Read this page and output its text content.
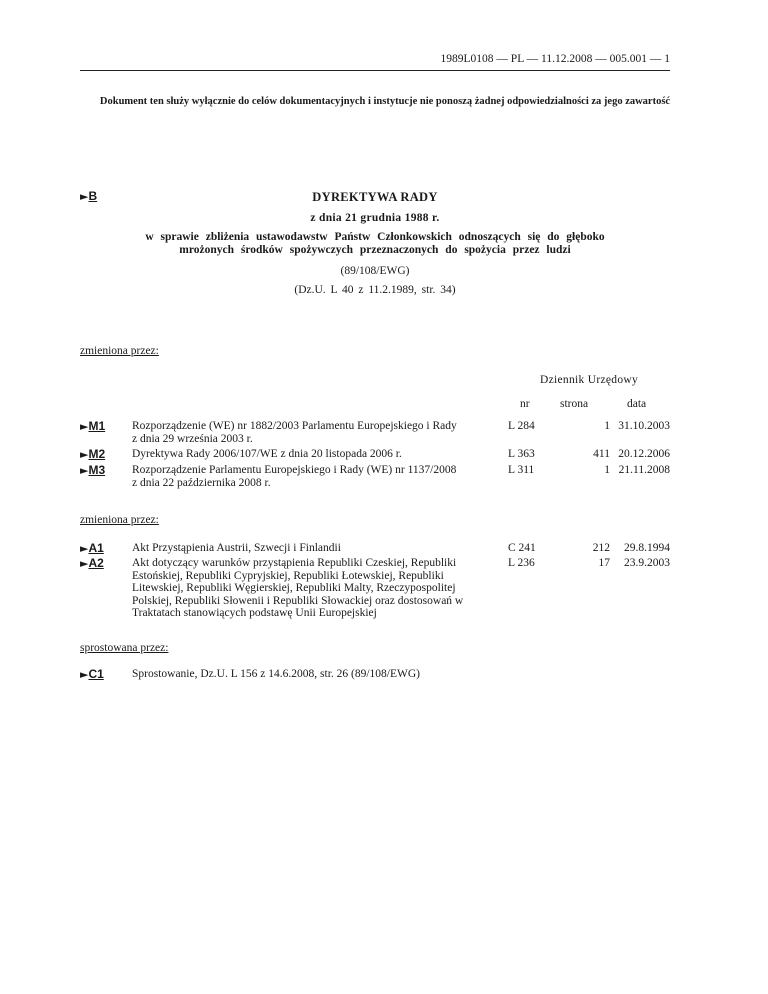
1989L0108 — PL — 11.12.2008 — 005.001 — 1
Dokument ten służy wyłącznie do celów dokumentacyjnych i instytucje nie ponoszą żadnej odpowiedzialności za jego zawartość
►B	DYREKTYWA RADY
z dnia 21 grudnia 1988 r.
w sprawie zbliżenia ustawodawstw Państw Członkowskich odnoszących się do głęboko
mrożonych środków spożywczych przeznaczonych do spożycia przez ludzi
(89/108/EWG)
(Dz.U. L 40 z 11.2.1989, str. 34)
zmieniona przez:
Dziennik Urzędowy
nr	strona	data
►M1 Rozporządzenie (WE) nr 1882/2003 Parlamentu Europejskiego i Rady
z dnia 29 września 2003 r.
L 284	1 31.10.2003
►M2 Dyrektywa Rady 2006/107/WE z dnia 20 listopada 2006 r.	L 363	411 20.12.2006
►M3 Rozporządzenie Parlamentu Europejskiego i Rady (WE) nr 1137/2008
z dnia 22 października 2008 r.
L 311	1 21.11.2008
zmieniona przez:
►A1 Akt Przystąpienia Austrii, Szwecji i Finlandii	C 241	212	29.8.1994
►A2 Akt dotyczący warunków przystąpienia Republiki Czeskiej, Republiki
Estońskiej, Republiki Cypryjskiej, Republiki Łotewskiej, Republiki
Litewskiej, Republiki Węgierskiej, Republiki Malty, Rzeczypospolitej
Polskiej, Republiki Słowenii i Republiki Słowackiej oraz dostosowań w
Traktatach stanowiących podstawę Unii Europejskiej
L 236	17	23.9.2003
sprostowana przez:
►C1 Sprostowanie, Dz.U. L 156 z 14.6.2008, str. 26 (89/108/EWG)
